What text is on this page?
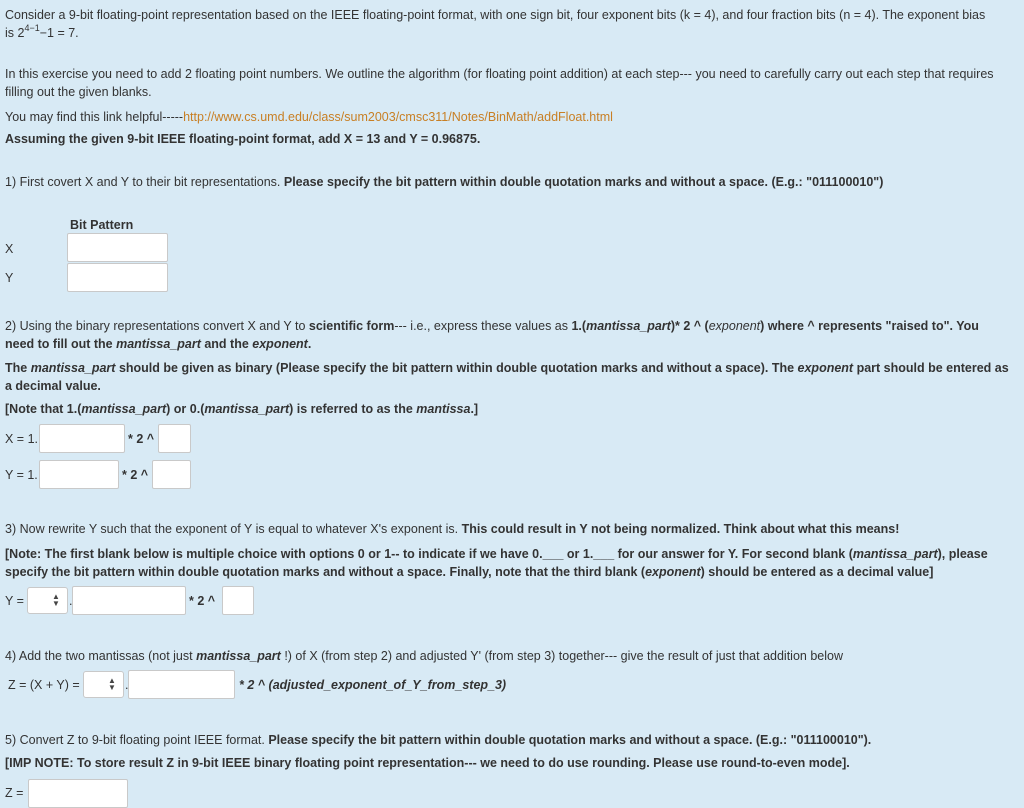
Consider a 9-bit floating-point representation based on the IEEE floating-point format, with one sign bit, four exponent bits (k = 4), and four fraction bits (n = 4). The exponent bias
is $2^{4-1}-1 = 7$.
In this exercise you need to add 2 floating point numbers. We outline the algorithm (for floating point addition) at each step--- you need to carefully carry out each step that requires filling out the given blanks.
You may find this link helpful-----http://www.cs.umd.edu/class/sum2003/cmsc311/Notes/BinMath/addFloat.html
Assuming the given 9-bit IEEE floating-point format, add X = 13 and Y = 0.96875.
1) First covert X and Y to their bit representations. Please specify the bit pattern within double quotation marks and without a space. (E.g.: "011100010")
Bit Pattern
X
Y
2) Using the binary representations convert X and Y to scientific form--- i.e., express these values as 1.(mantissa_part)* 2 ^ (exponent) where ^ represents "raised to". You need to fill out the mantissa_part and the exponent.
The mantissa_part should be given as binary (Please specify the bit pattern within double quotation marks and without a space). The exponent part should be entered as a decimal value.
[Note that 1.(mantissa_part) or 0.(mantissa_part) is referred to as the mantissa.]
X = 1.	* 2 ^
Y = 1.	* 2 ^
3) Now rewrite Y such that the exponent of Y is equal to whatever X's exponent is. This could result in Y not being normalized. Think about what this means!
[Note: The first blank below is multiple choice with options 0 or 1-- to indicate if we have 0.___ or 1.___ for our answer for Y. For second blank (mantissa_part), please specify the bit pattern within double quotation marks and without a space. Finally, note that the third blank (exponent) should be entered as a decimal value]
Y =	▲
▼ .	* 2 ^
4) Add the two mantissas (not just mantissa_part !) of X (from step 2) and adjusted Y' (from step 3) together--- give the result of just that addition below
Z = (X + Y) =	▲
▼ .	* 2 ^ (adjusted_exponent_of_Y_from_step_3)
5) Convert Z to 9-bit floating point IEEE format. Please specify the bit pattern within double quotation marks and without a space. (E.g.: "011100010").
[IMP NOTE: To store result Z in 9-bit IEEE binary floating point representation--- we need to do use rounding. Please use round-to-even mode].
Z =
